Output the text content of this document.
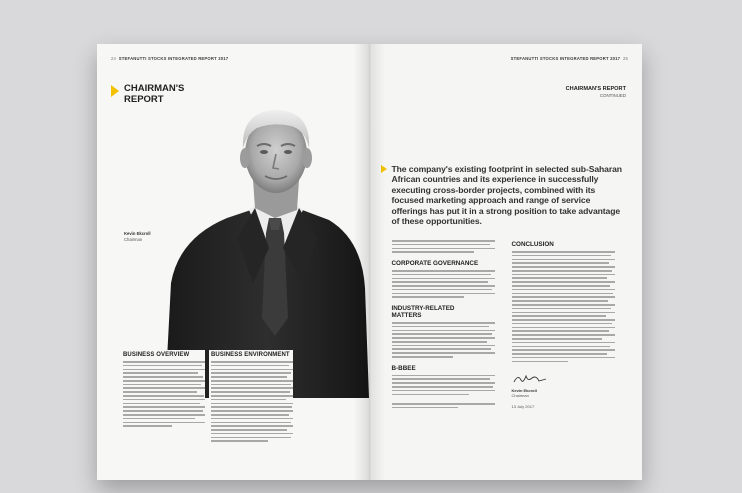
24 STEFANUTTI STOCKS INTEGRATED REPORT 2017
CHAIRMAN'S
REPORT
Kevin Ekcroll
Chairman
BUSINESS OVERVIEW	BUSINESS ENVIRONMENT
STEFANUTTI STOCKS INTEGRATED REPORT 2017 25
CHAIRMAN'S REPORT
CONTINUED
The company's existing footprint in selected sub-Saharan African countries and its experience in successfully executing cross-border projects, combined with its focused marketing approach and range of service offerings has put it in a strong position to take advantage of these opportunities.
CORPORATE GOVERNANCE
INDUSTRY-RELATED MATTERS
B-BBEE
CONCLUSION
Kevin Ekcroll
Chairman
13 July 2017
